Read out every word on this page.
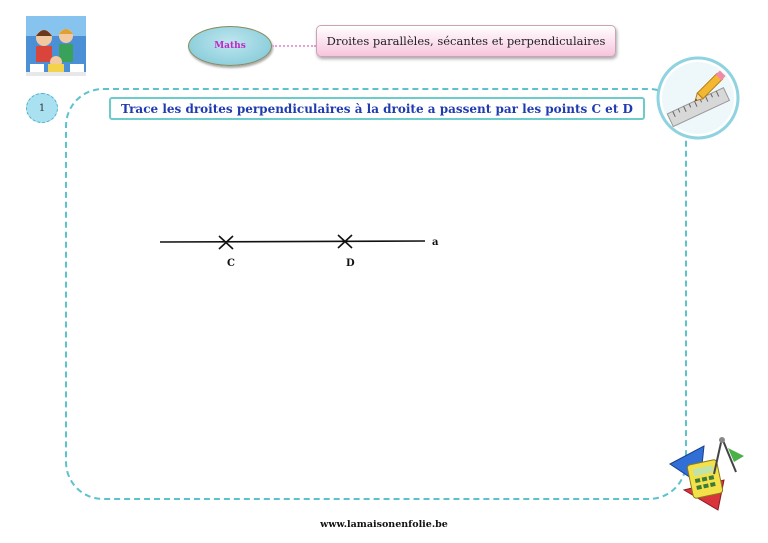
Maths	Droites parallèles, sécantes et perpendiculaires
1	Trace les droites perpendiculaires à la droite a passent par les points C et D
a
C	D
www.lamaisonenfolie.be
